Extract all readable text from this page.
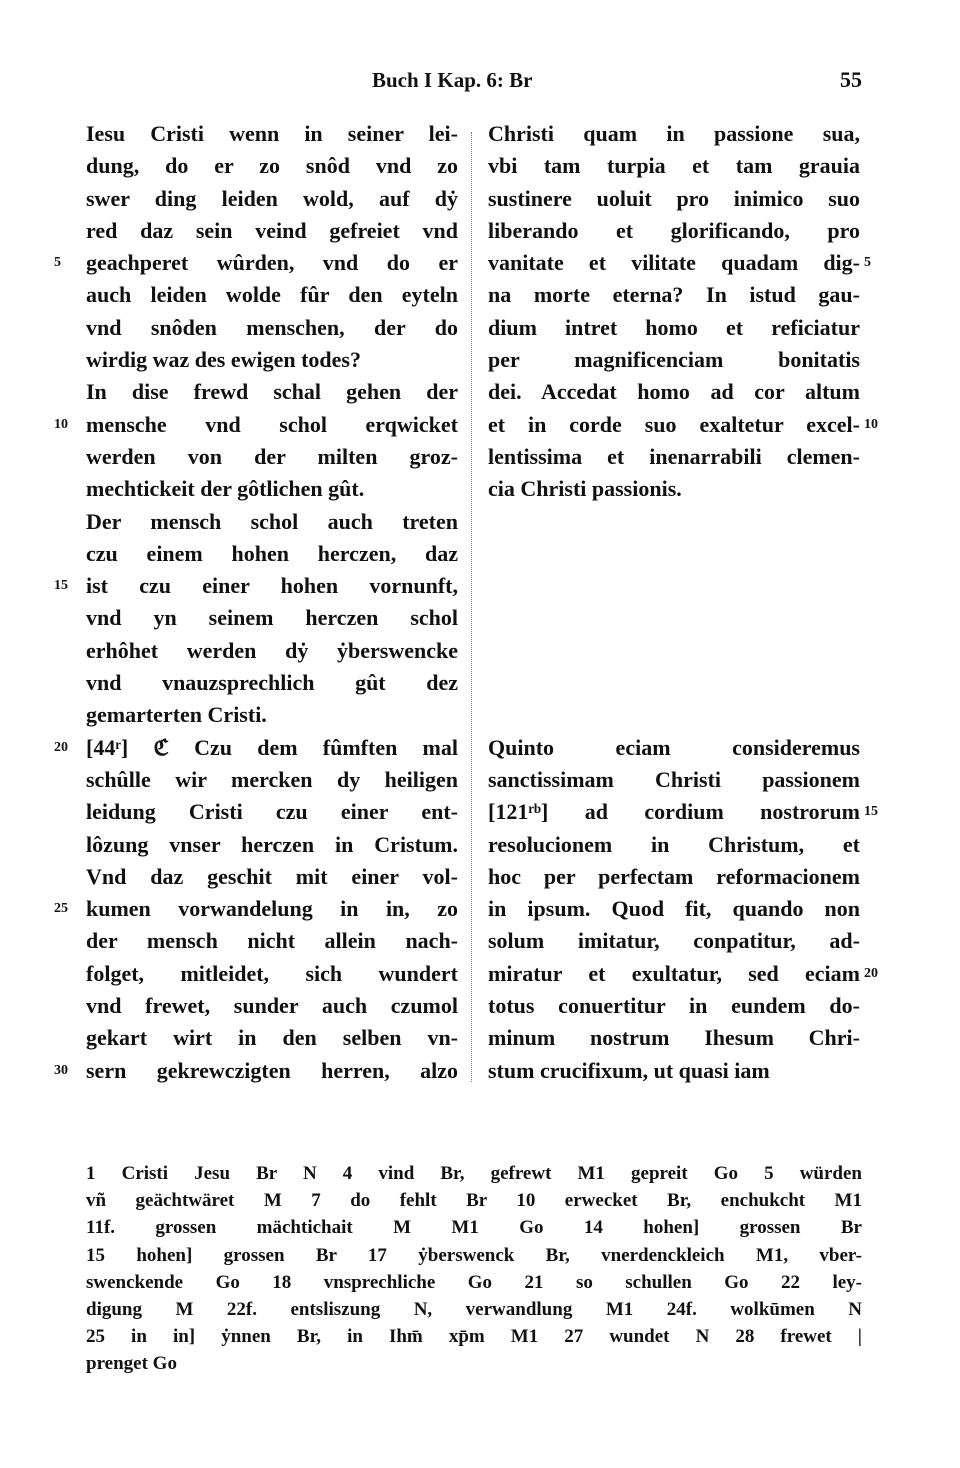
Buch I Kap. 6: Br	55
Iesu Cristi wenn in seiner lei-
dung, do er zo snôd vnd zo
swer ding leiden wold, auf dẏ
red daz sein veind gefreiet vnd
geachperet wûrden, vnd do er
5
auch leiden wolde fûr den eyteln
vnd snôden menschen, der do
wirdig waz des ewigen todes?
In dise frewd schal gehen der
mensche vnd schol erqwicket
10
werden von der milten groz-
mechtickeit der gôtlichen gût.
Der mensch schol auch treten
czu einem hohen herczen, daz
ist czu einer hohen vornunft,
15
vnd yn seinem herczen schol
erhôhet werden dẏ ẏberswencke
vnd vnauzsprechlich gût dez
gemarterten Cristi.
[44ʳ] ℭ Czu dem fûmften mal
20
schûlle wir mercken dy heiligen
leidung Cristi czu einer ent-
lôzung vnser herczen in Cristum.
Vnd daz geschit mit einer vol-
kumen vorwandelung in in, zo
25
der mensch nicht allein nach-
folget, mitleidet, sich wundert
vnd frewet, sunder auch czumol
gekart wirt in den selben vn-
sern gekrewczigten herren, alzo
30
Christi quam in passione sua,
vbi tam turpia et tam grauia
sustinere uoluit pro inimico suo
liberando et glorificando, pro
vanitate et vilitate quadam dig- 5
na morte eterna? In istud gau-
dium intret homo et reficiatur
per magnificenciam bonitatis
dei. Accedat homo ad cor altum
et in corde suo exaltetur excel- 10
lentissima et inenarrabili clemen-
cia Christi passionis.
Quinto eciam consideremus
sanctissimam Christi passionem
[121ʳᵇ] ad cordium nostrorum 15
resolucionem in Christum, et
hoc per perfectam reformacionem
in ipsum. Quod fit, quando non
solum imitatur, conpatitur, ad-
miratur et exultatur, sed eciam 20
totus conuertitur in eundem do-
minum nostrum Ihesum Chri-
stum crucifixum, ut quasi iam
1 Cristi Jesu Br N 4 vind Br, gefrewt M1 gepreit Go 5 würden
vñ geächtwäret M 7 do fehlt Br 10 erwecket Br, enchukcht M1
11f. grossen mächtichait M M1 Go 14 hohen] grossen Br
15 hohen] grossen Br 17 ẏberswenck Br, vnerdenckleich M1, vber-
swenckende Go 18 vnsprechliche Go 21 so schullen Go 22 ley-
digung M 22f. entsliszung N, verwandlung M1 24f. wolkūmen N
25 in in] ẏnnen Br, in Ihm̄ xp̄m M1 27 wundet N 28 frewet |
prenget Go
